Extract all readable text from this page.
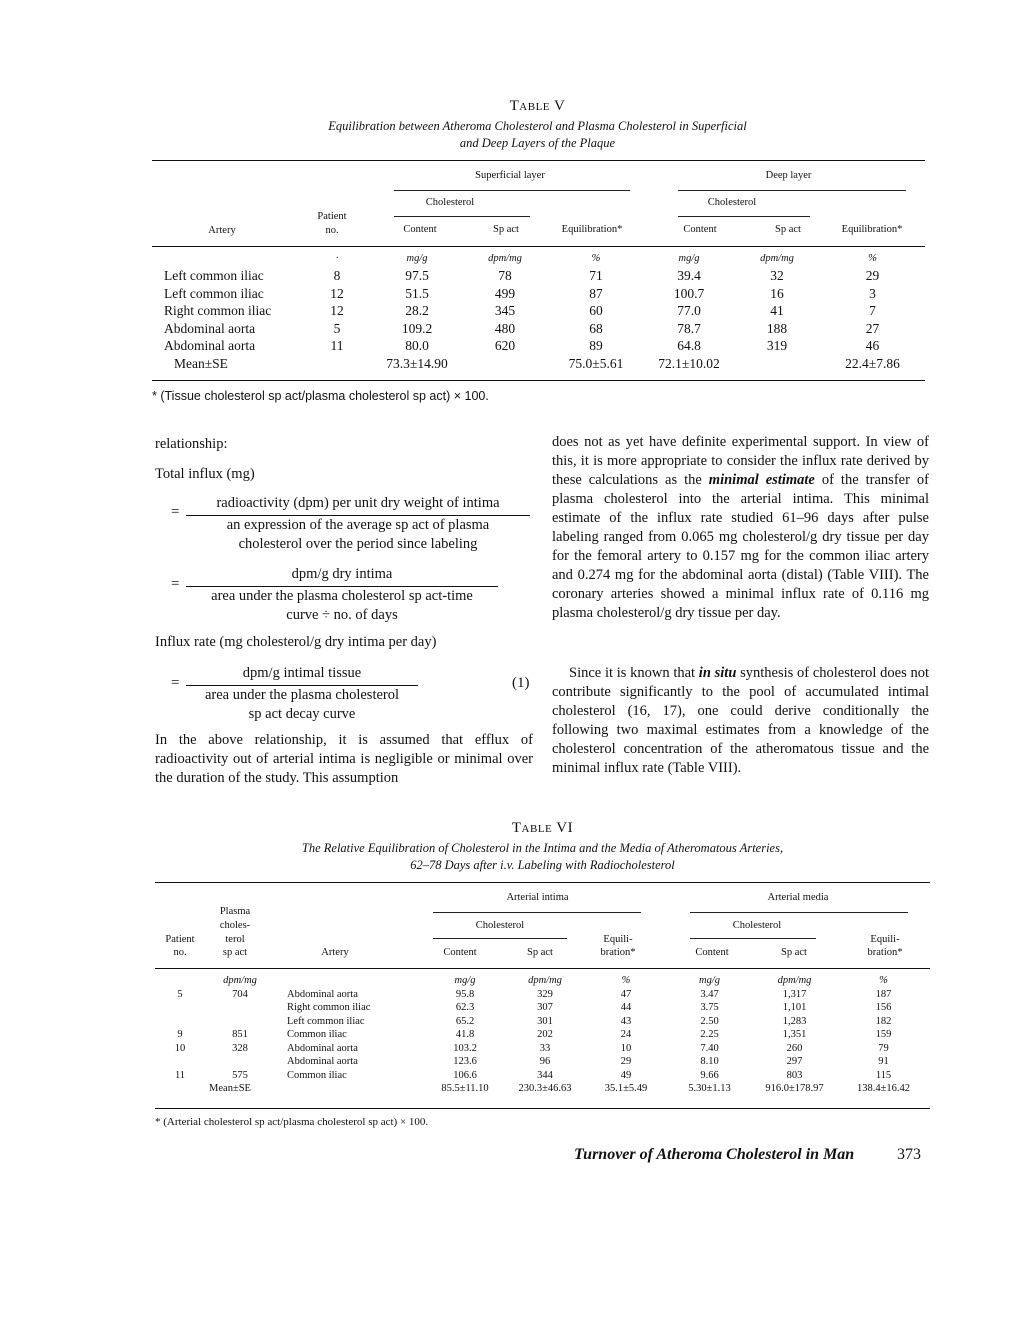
Table V
Equilibration between Atheroma Cholesterol and Plasma Cholesterol in Superficial
and Deep Layers of the Plaque
Superficial layer	Deep layer
Cholesterol	Cholesterol
Patient
no.
Artery	Content	Sp act	Equilibration*	Content	Sp act	Equilibration*
	·	mg/g	dpm/mg	%	mg/g	dpm/mg	%
Left common iliac	8	97.5	78	71	39.4	32	29
Left common iliac	12	51.5	499	87	100.7	16	3
Right common iliac	12	28.2	345	60	77.0	41	7
Abdominal aorta	5	109.2	480	68	78.7	188	27
Abdominal aorta	11	80.0	620	89	64.8	319	46
Mean±SE		73.3±14.90		75.0±5.61	72.1±10.02		22.4±7.86
* (Tissue cholesterol sp act/plasma cholesterol sp act) × 100.
relationship:
Total influx (mg)
=
radioactivity (dpm) per unit dry weight of intima
an expression of the average sp act of plasma
cholesterol over the period since labeling
=
dpm/g dry intima
area under the plasma cholesterol sp act-time
curve ÷ no. of days
Influx rate (mg cholesterol/g dry intima per day)
=
dpm/g intimal tissue
area under the plasma cholesterol
sp act decay curve
(1)
In the above relationship, it is assumed that efflux of radioactivity out of arterial intima is negligible or minimal over the duration of the study. This assumption
does not as yet have definite experimental support. In view of this, it is more appropriate to consider the influx rate derived by these calculations as the minimal estimate of the transfer of plasma cholesterol into the arterial intima. This minimal estimate of the influx rate studied 61–96 days after pulse labeling ranged from 0.065 mg cholesterol/g dry tissue per day for the femoral artery to 0.157 mg for the common iliac artery and 0.274 mg for the abdominal aorta (distal) (Table VIII). The coronary arteries showed a minimal influx rate of 0.116 mg plasma cholesterol/g dry tissue per day.
Since it is known that in situ synthesis of cholesterol does not contribute significantly to the pool of accumulated intimal cholesterol (16, 17), one could derive conditionally the following two maximal estimates from a knowledge of the cholesterol concentration of the atheromatous tissue and the minimal influx rate (Table VIII).
Table VI
The Relative Equilibration of Cholesterol in the Intima and the Media of Atheromatous Arteries,
62–78 Days after i.v. Labeling with Radiocholesterol
Arterial intima	Arterial media
Cholesterol	Cholesterol
Plasma
choles-
terol
sp act
Patient
no.	Artery	Content	Sp act
Equili-
bration*	Content	Sp act
Equili-
bration*
	dpm/mg		mg/g	dpm/mg	%	mg/g	dpm/mg	%
5	704	Abdominal aorta	95.8	329	47	3.47	1,317	187
		Right common iliac	62.3	307	44	3.75	1,101	156
		Left common iliac	65.2	301	43	2.50	1,283	182
9	851	Common iliac	41.8	202	24	2.25	1,351	159
10	328	Abdominal aorta	103.2	33	10	7.40	260	79
		Abdominal aorta	123.6	96	29	8.10	297	91
11	575	Common iliac	106.6	344	49	9.66	803	115
Mean±SE			85.5±11.10	230.3±46.63	35.1±5.49	5.30±1.13	916.0±178.97	138.4±16.42
* (Arterial cholesterol sp act/plasma cholesterol sp act) × 100.
Turnover of Atheroma Cholesterol in Man	373
